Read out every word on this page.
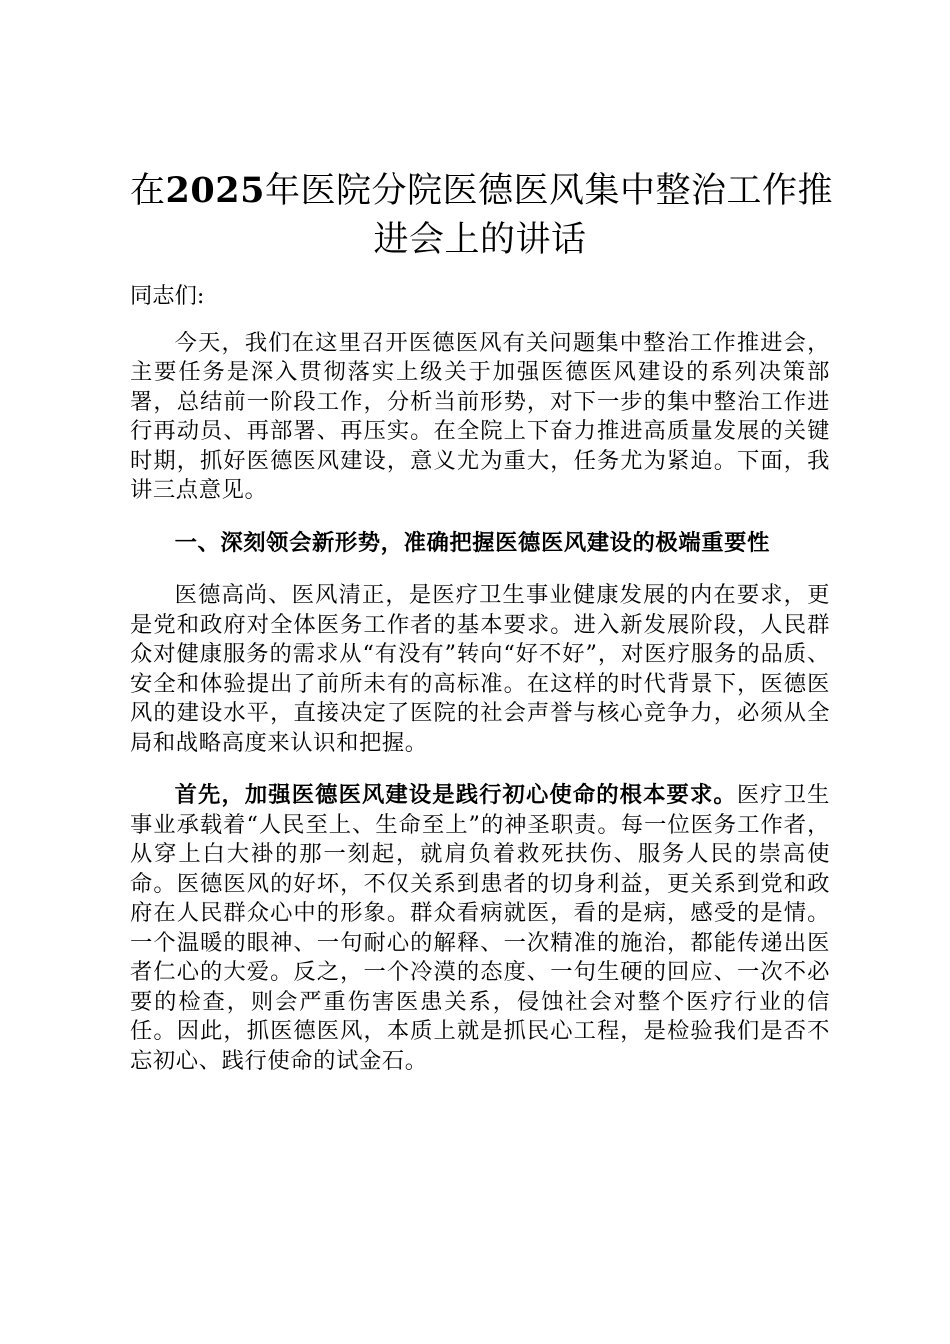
在2025年医院分院医德医风集中整治工作推
进会上的讲话

同志们:

今天，我们在这里召开医德医风有关问题集中整治工作推进会，主要任务是深入贯彻落实上级关于加强医德医风建设的系列决策部署，总结前一阶段工作，分析当前形势，对下一步的集中整治工作进行再动员、再部署、再压实。在全院上下奋力推进高质量发展的关键时期，抓好医德医风建设，意义尤为重大，任务尤为紧迫。下面，我讲三点意见。

一、深刻领会新形势，准确把握医德医风建设的极端重要性

医德高尚、医风清正，是医疗卫生事业健康发展的内在要求，更是党和政府对全体医务工作者的基本要求。进入新发展阶段，人民群众对健康服务的需求从“有没有”转向“好不好”，对医疗服务的品质、安全和体验提出了前所未有的高标准。在这样的时代背景下，医德医风的建设水平，直接决定了医院的社会声誉与核心竞争力，必须从全局和战略高度来认识和把握。

首先，加强医德医风建设是践行初心使命的根本要求。医疗卫生事业承载着“人民至上、生命至上”的神圣职责。每一位医务工作者，从穿上白大褂的那一刻起，就肩负着救死扶伤、服务人民的崇高使命。医德医风的好坏，不仅关系到患者的切身利益，更关系到党和政府在人民群众心中的形象。群众看病就医，看的是病，感受的是情。一个温暖的眼神、一句耐心的解释、一次精准的施治，都能传递出医者仁心的大爱。反之，一个冷漠的态度、一句生硬的回应、一次不必要的检查，则会严重伤害医患关系，侵蚀社会对整个医疗行业的信任。因此，抓医德医风，本质上就是抓民心工程，是检验我们是否不忘初心、践行使命的试金石。
